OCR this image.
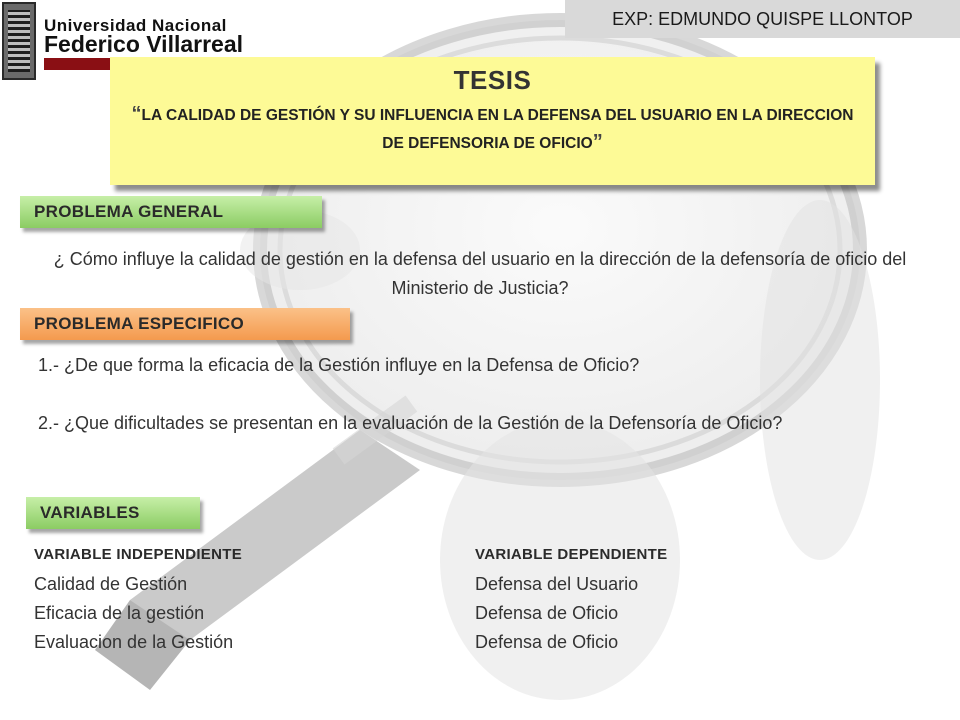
Universidad Nacional
Federico Villarreal
EXP: EDMUNDO QUISPE LLONTOP
TESIS
“LA CALIDAD DE GESTIÓN Y SU INFLUENCIA EN LA DEFENSA DEL USUARIO EN LA DIRECCION DE DEFENSORIA DE OFICIO”
PROBLEMA GENERAL
¿ Cómo influye la calidad de gestión en la defensa del usuario en la dirección de la defensoría de oficio del Ministerio de Justicia?
PROBLEMA ESPECIFICO
1.- ¿De que forma la eficacia de la Gestión influye en la Defensa de Oficio?
2.- ¿Que dificultades se presentan en la evaluación de la Gestión de la Defensoría de Oficio?
VARIABLES
VARIABLE INDEPENDIENTE
Calidad de Gestión
Eficacia de la gestión
Evaluacion de la Gestión
VARIABLE DEPENDIENTE
Defensa del Usuario
Defensa de Oficio
Defensa de Oficio
